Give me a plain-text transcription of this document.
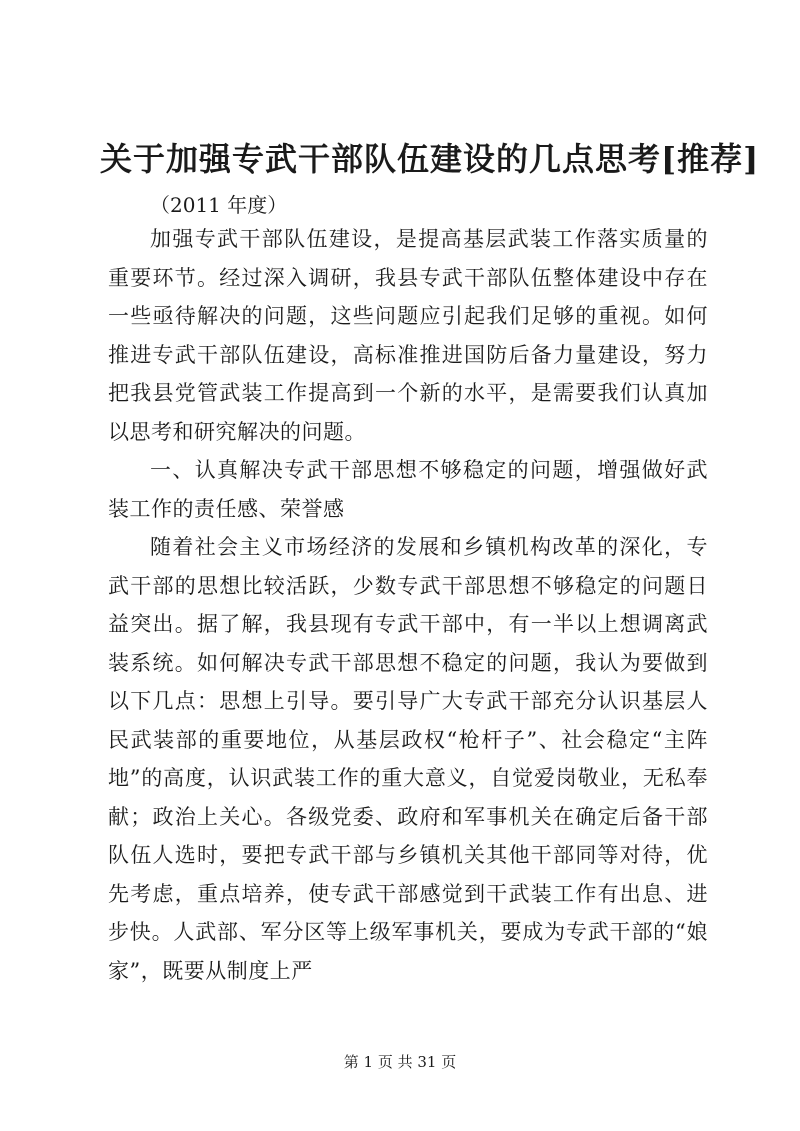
关于加强专武干部队伍建设的几点思考[推荐]
（2011 年度）

加强专武干部队伍建设，是提高基层武装工作落实质量的重要环节。经过深入调研，我县专武干部队伍整体建设中存在一些亟待解决的问题，这些问题应引起我们足够的重视。如何推进专武干部队伍建设，高标准推进国防后备力量建设，努力把我县党管武装工作提高到一个新的水平，是需要我们认真加以思考和研究解决的问题。

一、认真解决专武干部思想不够稳定的问题，增强做好武装工作的责任感、荣誉感

随着社会主义市场经济的发展和乡镇机构改革的深化，专武干部的思想比较活跃，少数专武干部思想不够稳定的问题日益突出。据了解，我县现有专武干部中，有一半以上想调离武装系统。如何解决专武干部思想不稳定的问题，我认为要做到以下几点：思想上引导。要引导广大专武干部充分认识基层人民武装部的重要地位，从基层政权“枪杆子”、社会稳定“主阵地”的高度，认识武装工作的重大意义，自觉爱岗敬业，无私奉献；政治上关心。各级党委、政府和军事机关在确定后备干部队伍人选时，要把专武干部与乡镇机关其他干部同等对待，优先考虑，重点培养，使专武干部感觉到干武装工作有出息、进步快。人武部、军分区等上级军事机关，要成为专武干部的“娘家”，既要从制度上严

第 1 页 共 31 页
